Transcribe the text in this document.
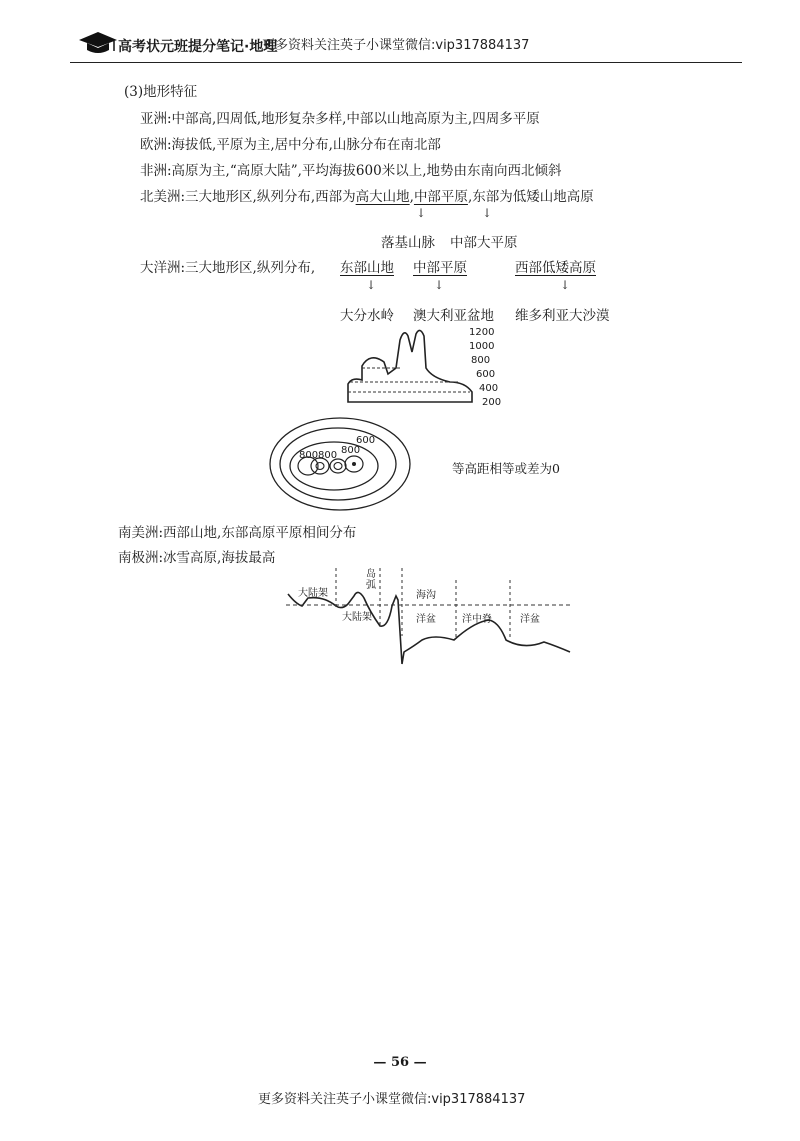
高考状元班提分笔记·地理
更多资料关注英子小课堂微信:vip317884137
(3)地形特征
亚洲:中部高,四周低,地形复杂多样,中部以山地高原为主,四周多平原
欧洲:海拔低,平原为主,居中分布,山脉分布在南北部
非洲:高原为主,“高原大陆”,平均海拔600米以上,地势由东南向西北倾斜
北美洲:三大地形区,纵列分布,西部为高大山地,中部平原,东部为低矮山地高原
↓	↓
落基山脉 中部大平原
大洋洲:三大地形区,纵列分布, 东部山地 中部平原	西部低矮高原
↓	↓	↓
大分水岭 澳大利亚盆地 维多利亚大沙漠
1200
1000
800
600
400
200
800 800 800
600
等高距相等或差为0
南美洲:西部山地,东部高原平原相间分布
南极洲:冰雪高原,海拔最高
大陆架
岛弧
大陆架
海沟
洋盆	洋中脊	洋盆
— 56 —
更多资料关注英子小课堂微信:vip317884137
